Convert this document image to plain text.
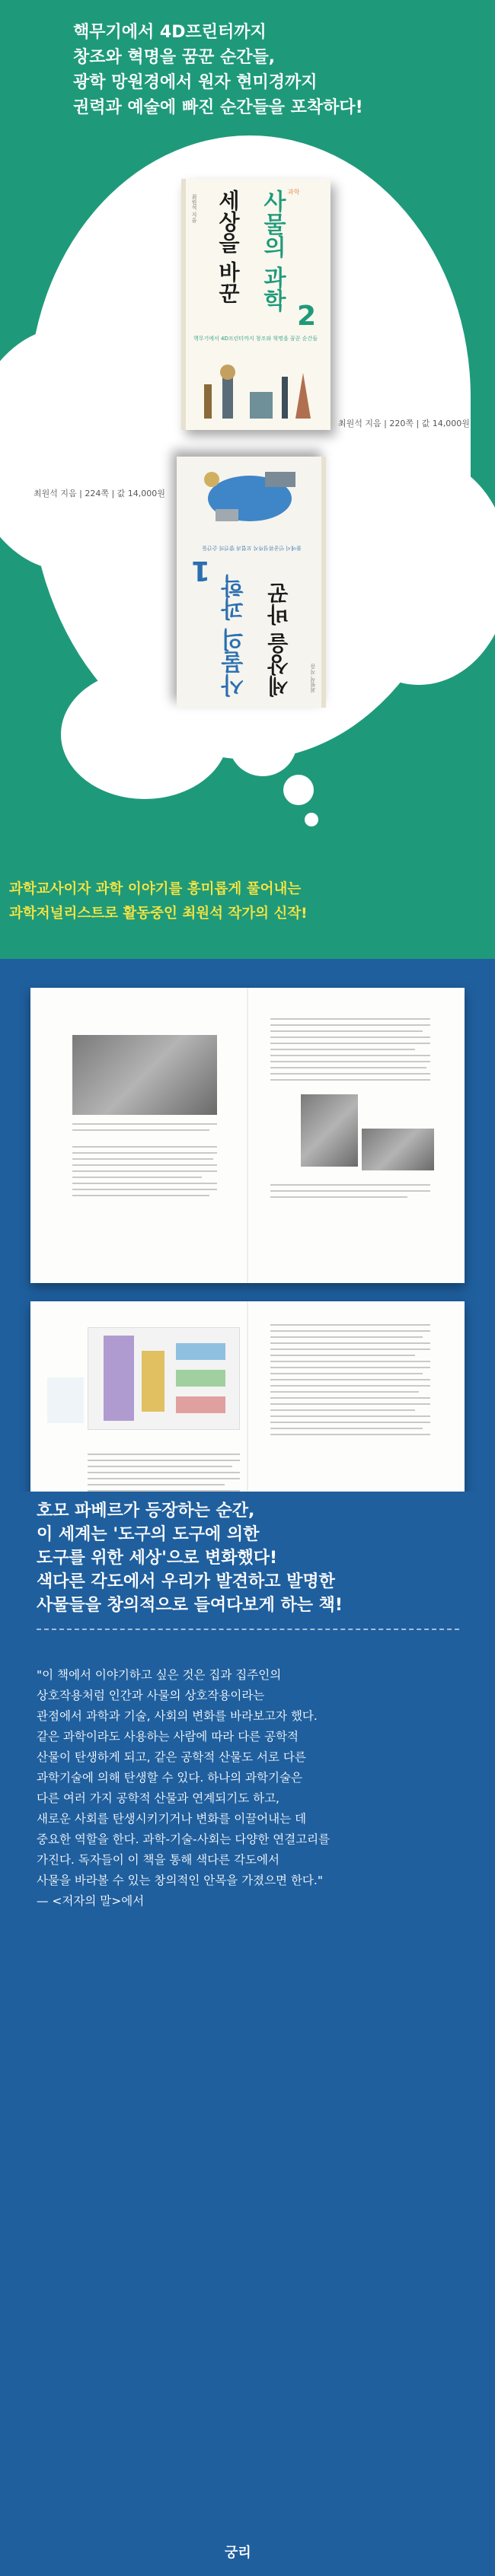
핵무기에서 4D프린터까지
창조와 혁명을 꿈꾼 순간들,
광학 망원경에서 원자 현미경까지
권력과 예술에 빠진 순간들을 포착하다!
과학
세상을 바꾼 사물의 과학
2
최원석 지음
핵무기에서 4D프린터까지 창조와 혁명을 꿈꾼 순간들
최원석 지음 | 220쪽 | 값 14,000원
세상을 바꾼
사물의 과학
1
최원석 지음
불에서 인공위성까지 모험과 발견의 순간들
최원석 지음 | 224쪽 | 값 14,000원

과학교사이자 과학 이야기를 흥미롭게 풀어내는
과학저널리스트로 활동중인 최원석 작가의 신작!

호모 파베르가 등장하는 순간,
이 세계는 '도구의 도구에 의한
도구를 위한 세상'으로 변화했다!
색다른 각도에서 우리가 발견하고 발명한
사물들을 창의적으로 들여다보게 하는 책!
"이 책에서 이야기하고 싶은 것은 집과 집주인의
상호작용처럼 인간과 사물의 상호작용이라는
관점에서 과학과 기술, 사회의 변화를 바라보고자 했다.
같은 과학이라도 사용하는 사람에 따라 다른 공학적
산물이 탄생하게 되고, 같은 공학적 산물도 서로 다른
과학기술에 의해 탄생할 수 있다. 하나의 과학기술은
다른 여러 가지 공학적 산물과 연계되기도 하고,
새로운 사회를 탄생시키기거나 변화를 이끌어내는 데
중요한 역할을 한다. 과학-기술-사회는 다양한 연결고리를
가진다. 독자들이 이 책을 통해 색다른 각도에서
사물을 바라볼 수 있는 창의적인 안목을 가졌으면 한다."
— <저자의 말>에서
궁리
